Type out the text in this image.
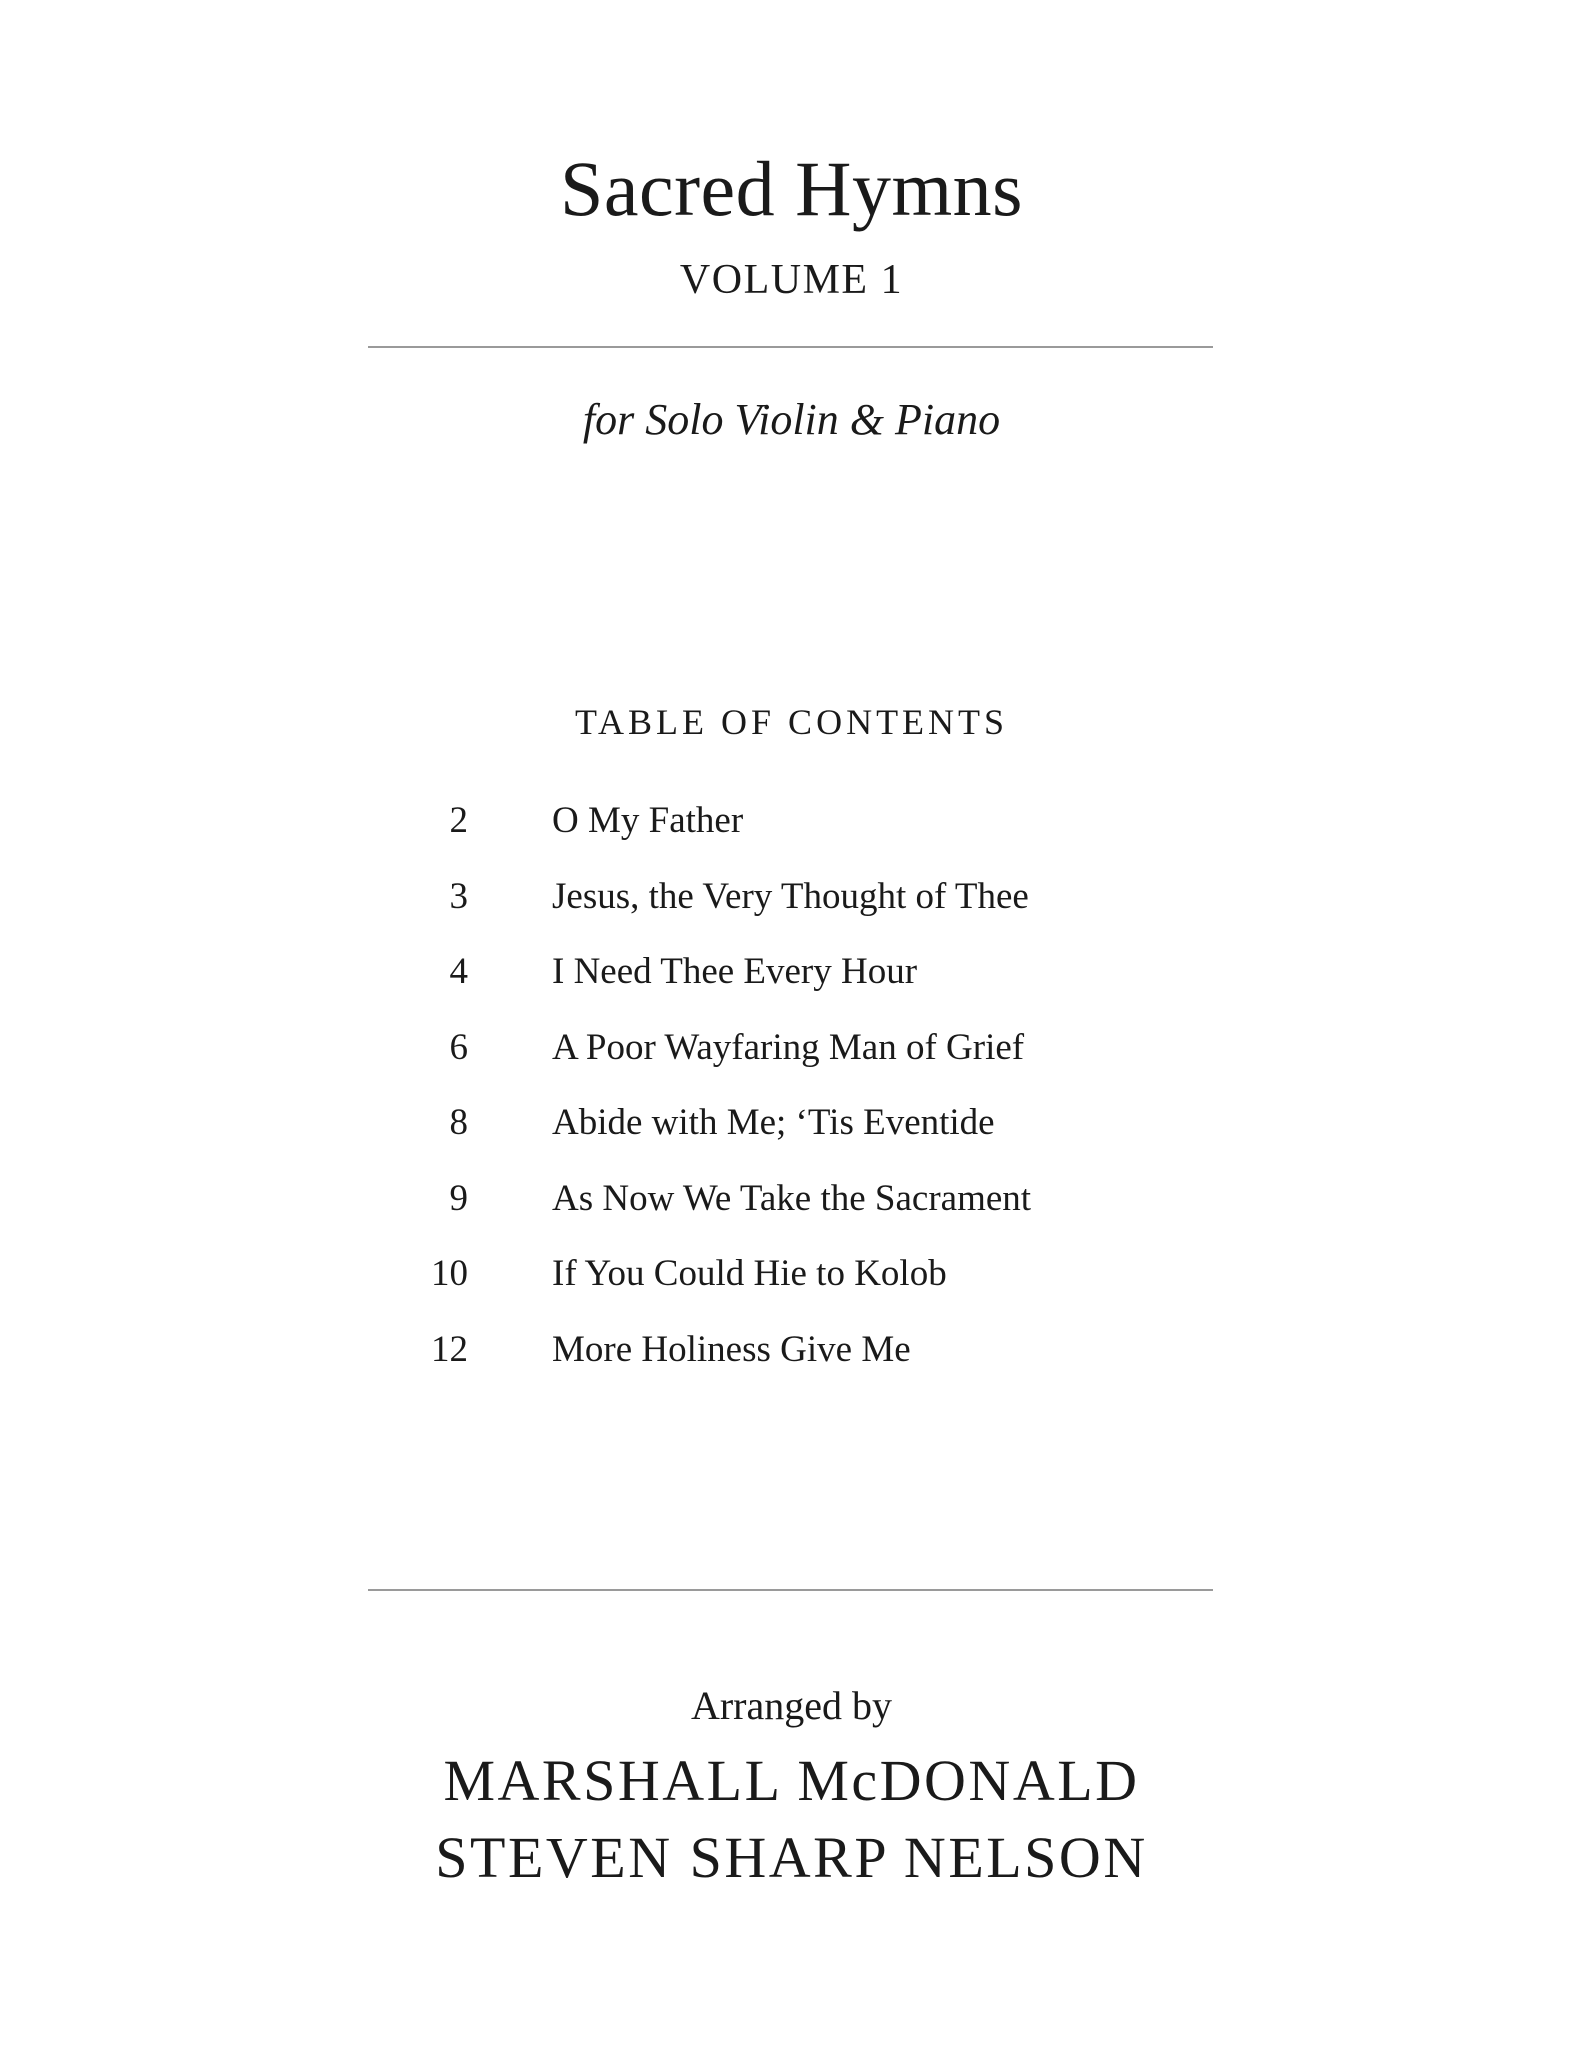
Sacred Hymns
VOLUME 1
for Solo Violin & Piano
TABLE OF CONTENTS
2 O My Father
3 Jesus, the Very Thought of Thee
4 I Need Thee Every Hour
6 A Poor Wayfaring Man of Grief
8 Abide with Me; ‘Tis Eventide
9 As Now We Take the Sacrament
10 If You Could Hie to Kolob
12 More Holiness Give Me
Arranged by
MARSHALL McDONALD
STEVEN SHARP NELSON
